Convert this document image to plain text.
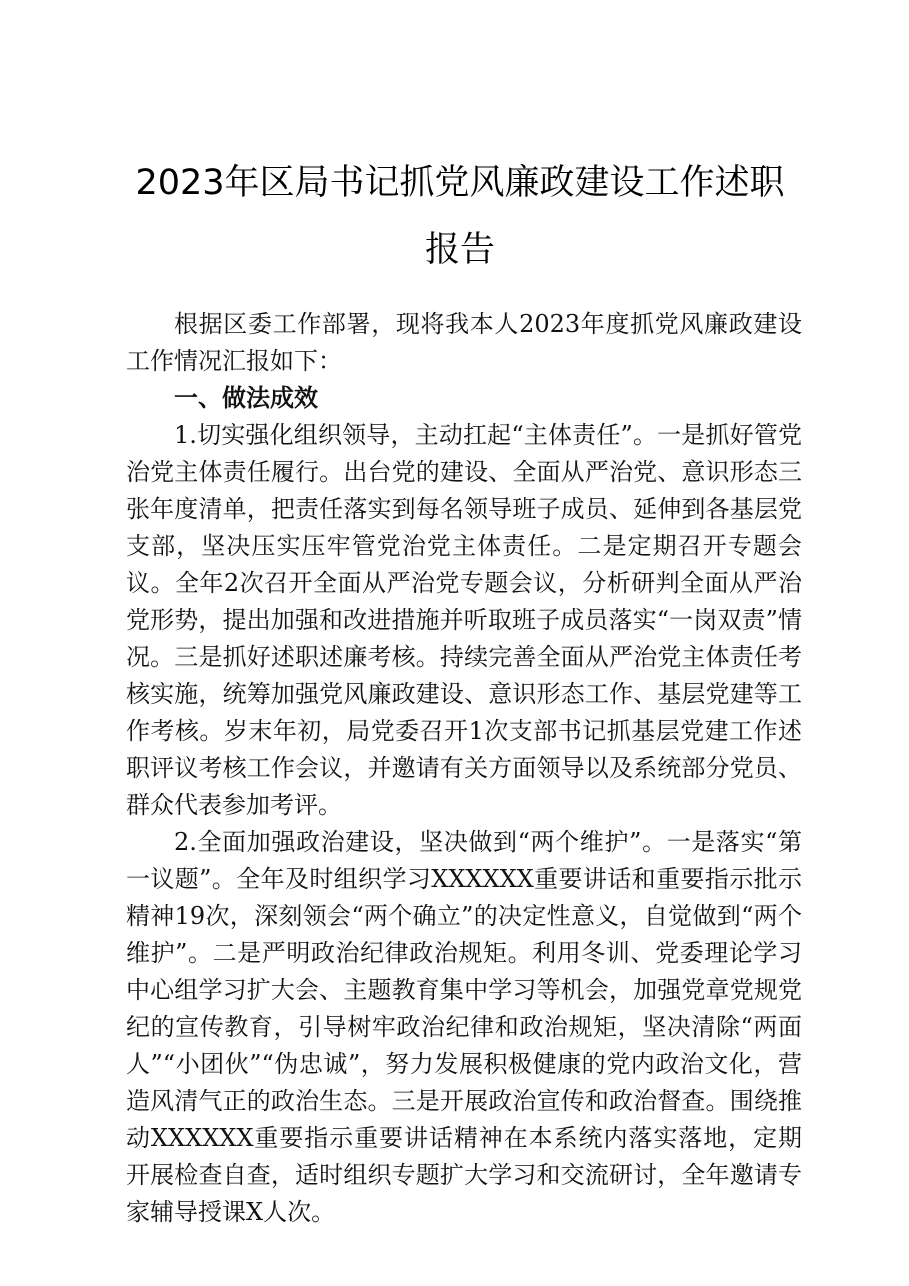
2023年区局书记抓党风廉政建设工作述职报告

根据区委工作部署，现将我本人2023年度抓党风廉政建设工作情况汇报如下：

一、做法成效

1.切实强化组织领导，主动扛起“主体责任”。一是抓好管党治党主体责任履行。出台党的建设、全面从严治党、意识形态三张年度清单，把责任落实到每名领导班子成员、延伸到各基层党支部，坚决压实压牢管党治党主体责任。二是定期召开专题会议。全年2次召开全面从严治党专题会议，分析研判全面从严治党形势，提出加强和改进措施并听取班子成员落实“一岗双责”情况。三是抓好述职述廉考核。持续完善全面从严治党主体责任考核实施，统筹加强党风廉政建设、意识形态工作、基层党建等工作考核。岁末年初，局党委召开1次支部书记抓基层党建工作述职评议考核工作会议，并邀请有关方面领导以及系统部分党员、群众代表参加考评。

2.全面加强政治建设，坚决做到“两个维护”。一是落实“第一议题”。全年及时组织学习XXXXXX重要讲话和重要指示批示精神19次，深刻领会“两个确立”的决定性意义，自觉做到“两个维护”。二是严明政治纪律政治规矩。利用冬训、党委理论学习中心组学习扩大会、主题教育集中学习等机会，加强党章党规党纪的宣传教育，引导树牢政治纪律和政治规矩，坚决清除“两面人”“小团伙”“伪忠诚”，努力发展积极健康的党内政治文化，营造风清气正的政治生态。三是开展政治宣传和政治督查。围绕推动XXXXXX重要指示重要讲话精神在本系统内落实落地，定期开展检查自查，适时组织专题扩大学习和交流研讨，全年邀请专家辅导授课X人次。
